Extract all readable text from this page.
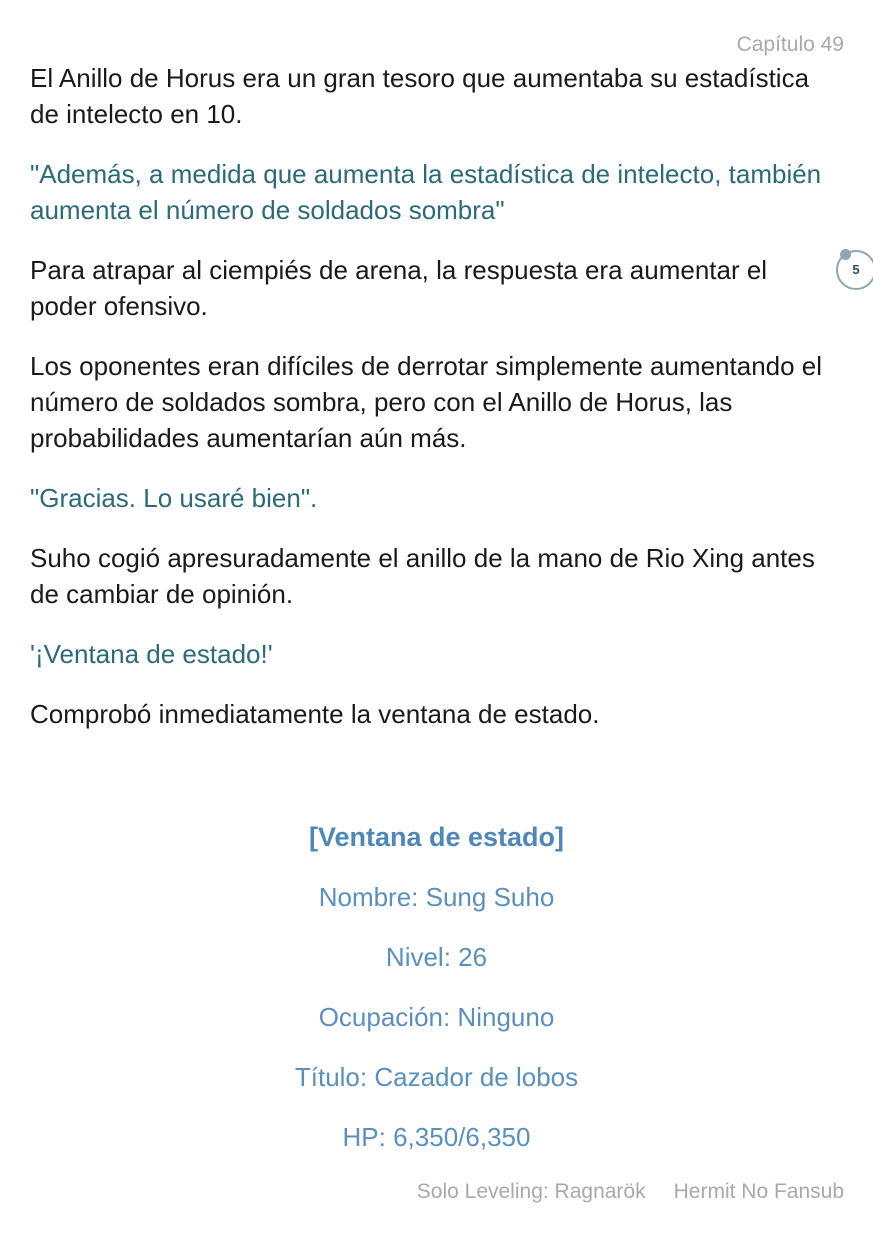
Capítulo 49

El Anillo de Horus era un gran tesoro que aumentaba su estadística de intelecto en 10.

"Además, a medida que aumenta la estadística de intelecto, también aumenta el número de soldados sombra"

Para atrapar al ciempiés de arena, la respuesta era aumentar el poder ofensivo.

Los oponentes eran difíciles de derrotar simplemente aumentando el número de soldados sombra, pero con el Anillo de Horus, las probabilidades aumentarían aún más.

"Gracias. Lo usaré bien".

Suho cogió apresuradamente el anillo de la mano de Rio Xing antes de cambiar de opinión.

'¡Ventana de estado!'

Comprobó inmediatamente la ventana de estado.

5
[Ventana de estado]
Nombre: Sung Suho
Nivel: 26
Ocupación: Ninguno
Título: Cazador de lobos
HP: 6,350/6,350
Solo Leveling: Ragnarök Hermit No Fansub
